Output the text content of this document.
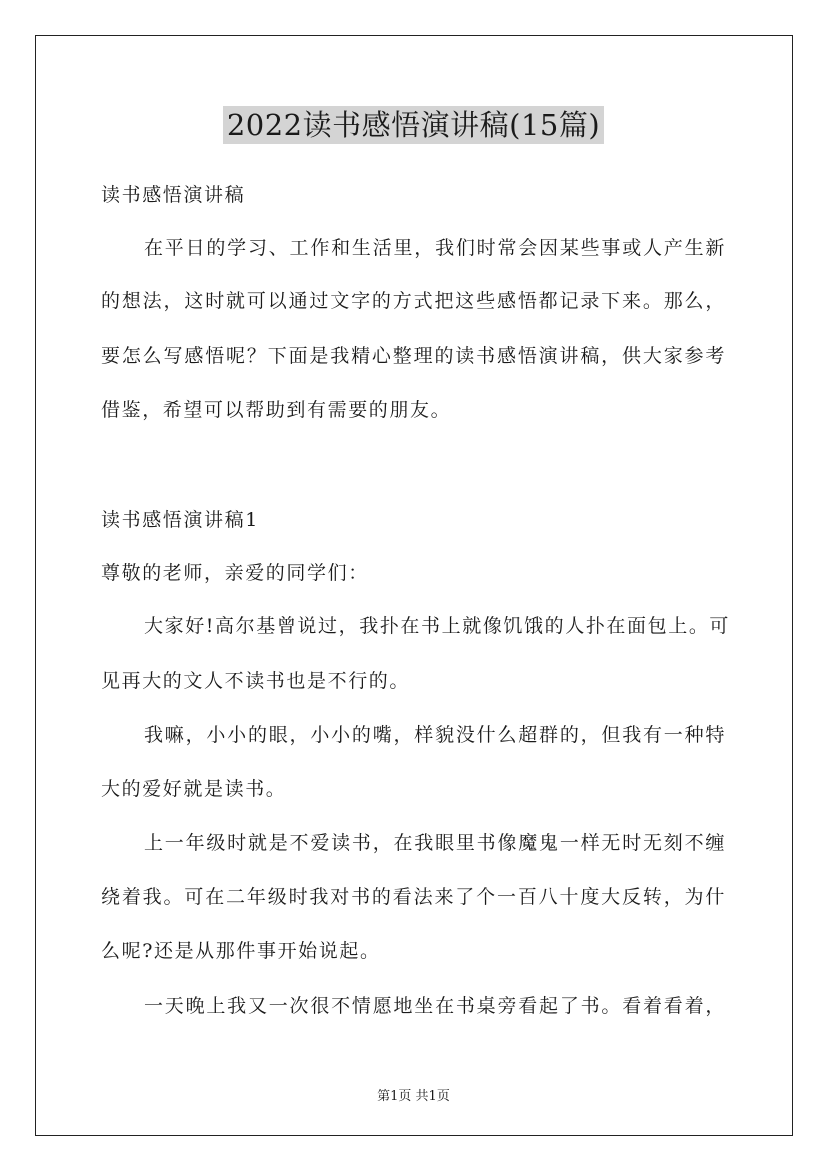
2022读书感悟演讲稿(15篇)
读书感悟演讲稿
在平日的学习、工作和生活里，我们时常会因某些事或人产生新
的想法，这时就可以通过文字的方式把这些感悟都记录下来。那么，
要怎么写感悟呢？下面是我精心整理的读书感悟演讲稿，供大家参考
借鉴，希望可以帮助到有需要的朋友。
读书感悟演讲稿1
尊敬的老师，亲爱的同学们：
大家好!高尔基曾说过，我扑在书上就像饥饿的人扑在面包上。可
见再大的文人不读书也是不行的。
我嘛，小小的眼，小小的嘴，样貌没什么超群的，但我有一种特
大的爱好就是读书。
上一年级时就是不爱读书，在我眼里书像魔鬼一样无时无刻不缠
绕着我。可在二年级时我对书的看法来了个一百八十度大反转，为什
么呢?还是从那件事开始说起。
一天晚上我又一次很不情愿地坐在书桌旁看起了书。看着看着，
第1页 共1页
